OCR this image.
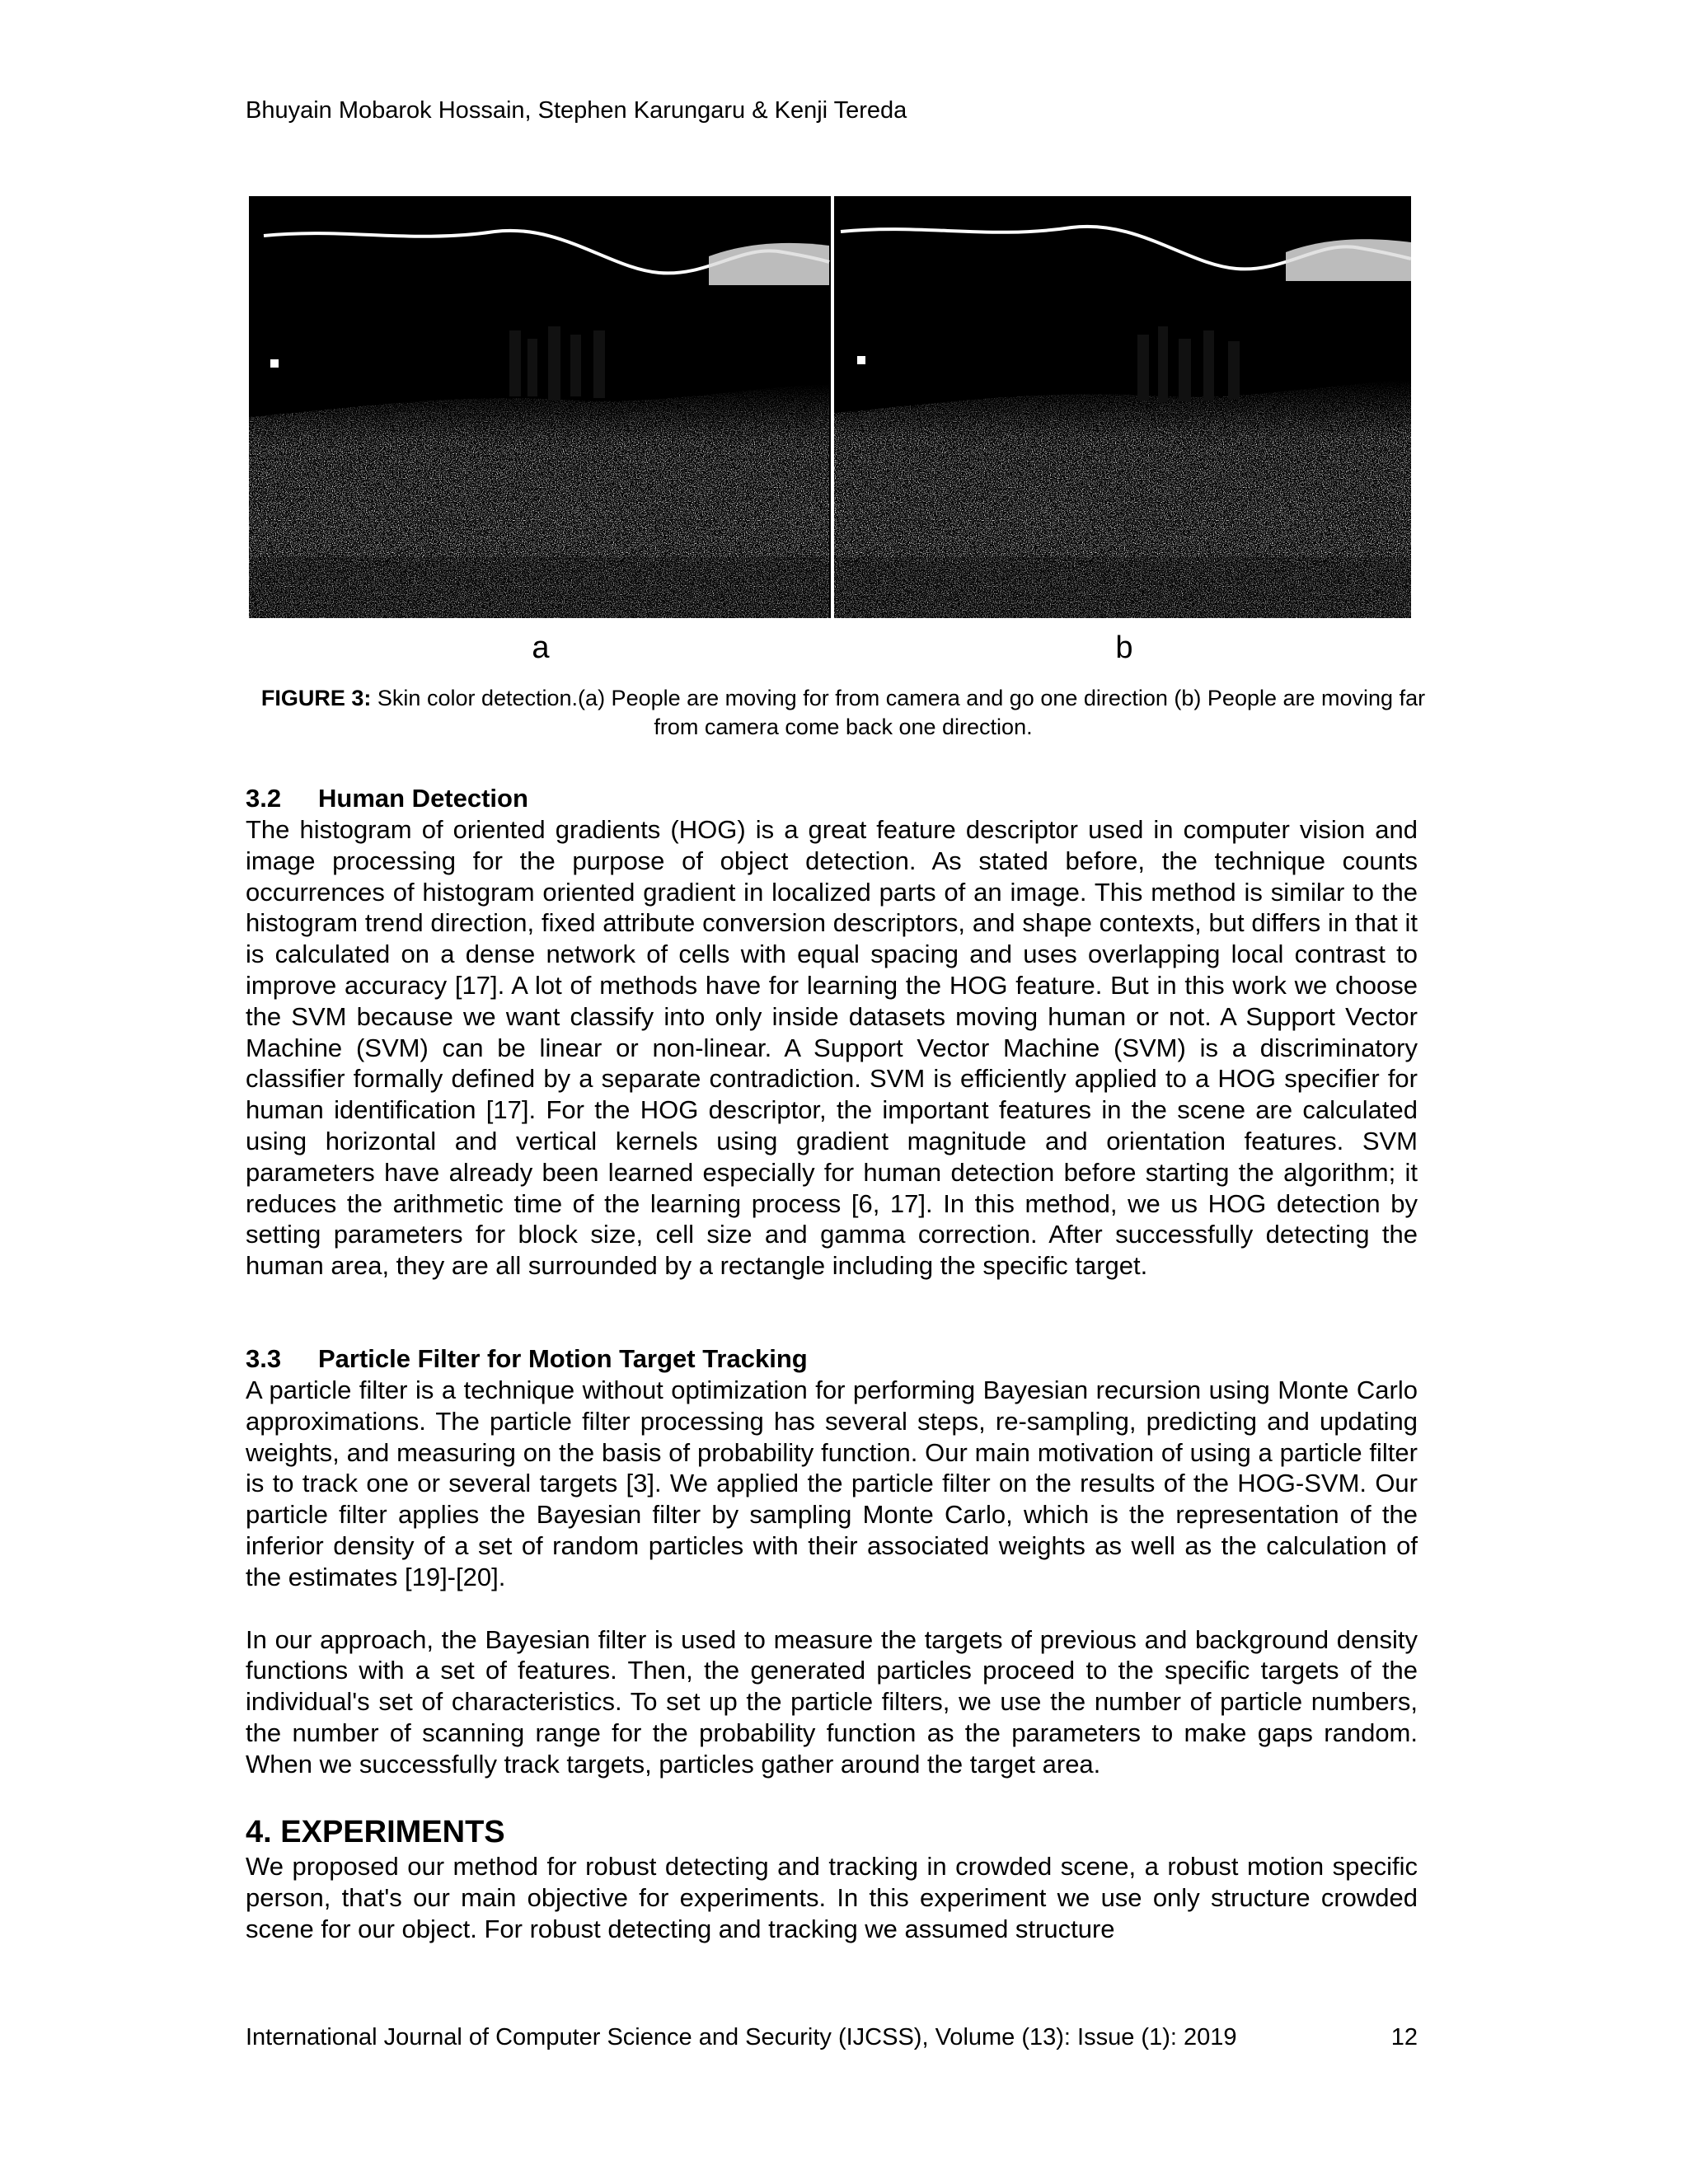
Bhuyain Mobarok Hossain, Stephen Karungaru & Kenji Tereda
a	b
FIGURE 3: Skin color detection.(a) People are moving for from camera and go one direction (b) People are moving far from camera come back one direction.
3.2 Human Detection

The histogram of oriented gradients (HOG) is a great feature descriptor used in computer vision and image processing for the purpose of object detection. As stated before, the technique counts occurrences of histogram oriented gradient in localized parts of an image. This method is similar to the histogram trend direction, fixed attribute conversion descriptors, and shape contexts, but differs in that it is calculated on a dense network of cells with equal spacing and uses overlapping local contrast to improve accuracy [17]. A lot of methods have for learning the HOG feature. But in this work we choose the SVM because we want classify into only inside datasets moving human or not. A Support Vector Machine (SVM) can be linear or non-linear. A Support Vector Machine (SVM) is a discriminatory classifier formally defined by a separate contradiction. SVM is efficiently applied to a HOG specifier for human identification [17]. For the HOG descriptor, the important features in the scene are calculated using horizontal and vertical kernels using gradient magnitude and orientation features. SVM parameters have already been learned especially for human detection before starting the algorithm; it reduces the arithmetic time of the learning process [6, 17]. In this method, we us HOG detection by setting parameters for block size, cell size and gamma correction. After successfully detecting the human area, they are all surrounded by a rectangle including the specific target.

3.3 Particle Filter for Motion Target Tracking

A particle filter is a technique without optimization for performing Bayesian recursion using Monte Carlo approximations. The particle filter processing has several steps, re-sampling, predicting and updating weights, and measuring on the basis of probability function. Our main motivation of using a particle filter is to track one or several targets [3]. We applied the particle filter on the results of the HOG-SVM. Our particle filter applies the Bayesian filter by sampling Monte Carlo, which is the representation of the inferior density of a set of random particles with their associated weights as well as the calculation of the estimates [19]-[20].

In our approach, the Bayesian filter is used to measure the targets of previous and background density functions with a set of features. Then, the generated particles proceed to the specific targets of the individual's set of characteristics. To set up the particle filters, we use the number of particle numbers, the number of scanning range for the probability function as the parameters to make gaps random. When we successfully track targets, particles gather around the target area.

4. EXPERIMENTS

We proposed our method for robust detecting and tracking in crowded scene, a robust motion specific person, that's our main objective for experiments. In this experiment we use only structure crowded scene for our object. For robust detecting and tracking we assumed structure

International Journal of Computer Science and Security (IJCSS), Volume (13): Issue (1): 2019	12
